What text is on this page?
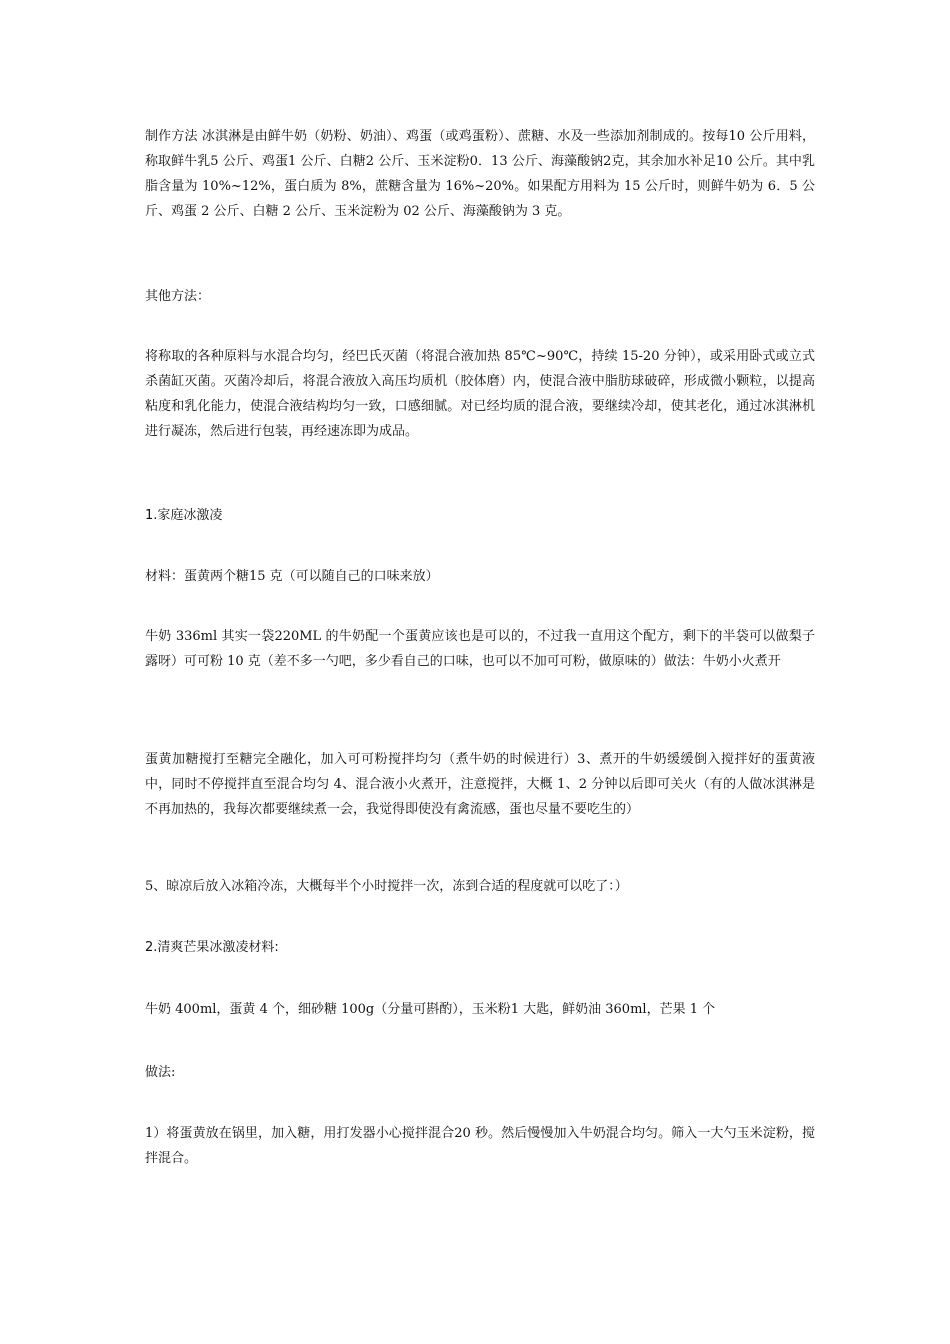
制作方法 冰淇淋是由鲜牛奶（奶粉、奶油）、鸡蛋（或鸡蛋粉）、蔗糖、水及一些添加剂制成的。按每10 公斤用料，称取鲜牛乳5 公斤、鸡蛋1 公斤、白糖2 公斤、玉米淀粉0．13 公斤、海藻酸钠2克，其余加水补足10 公斤。其中乳脂含量为 10%~12%，蛋白质为 8%，蔗糖含量为 16%~20%。如果配方用料为 15 公斤时，则鲜牛奶为 6．5 公斤、鸡蛋 2 公斤、白糖 2 公斤、玉米淀粉为 02 公斤、海藻酸钠为 3 克。

其他方法：

将称取的各种原料与水混合均匀，经巴氏灭菌（将混合液加热 85℃~90℃，持续 15-20 分钟），或采用卧式或立式杀菌缸灭菌。灭菌冷却后，将混合液放入高压均质机（胶体磨）内，使混合液中脂肪球破碎，形成微小颗粒，以提高粘度和乳化能力，使混合液结构均匀一致，口感细腻。对已经均质的混合液，要继续冷却，使其老化，通过冰淇淋机进行凝冻，然后进行包装，再经速冻即为成品。

1.家庭冰激凌

材料：蛋黄两个糖15 克（可以随自己的口味来放）

牛奶 336ml 其实一袋220ML 的牛奶配一个蛋黄应该也是可以的，不过我一直用这个配方，剩下的半袋可以做梨子露呀）可可粉 10 克（差不多一勺吧，多少看自己的口味，也可以不加可可粉，做原味的）做法：牛奶小火煮开

蛋黄加糖搅打至糖完全融化，加入可可粉搅拌均匀（煮牛奶的时候进行）3、煮开的牛奶缓缓倒入搅拌好的蛋黄液中，同时不停搅拌直至混合均匀 4、混合液小火煮开，注意搅拌，大概 1、2 分钟以后即可关火（有的人做冰淇淋是不再加热的，我每次都要继续煮一会，我觉得即使没有禽流感，蛋也尽量不要吃生的）

5、晾凉后放入冰箱冷冻，大概每半个小时搅拌一次，冻到合适的程度就可以吃了：）

2.清爽芒果冰激凌材料:

牛奶 400ml，蛋黄 4 个，细砂糖 100g（分量可斟酌），玉米粉1 大匙，鲜奶油 360ml，芒果 1 个

做法:

1）将蛋黄放在锅里，加入糖，用打发器小心搅拌混合20 秒。然后慢慢加入牛奶混合均匀。筛入一大勺玉米淀粉，搅拌混合。
